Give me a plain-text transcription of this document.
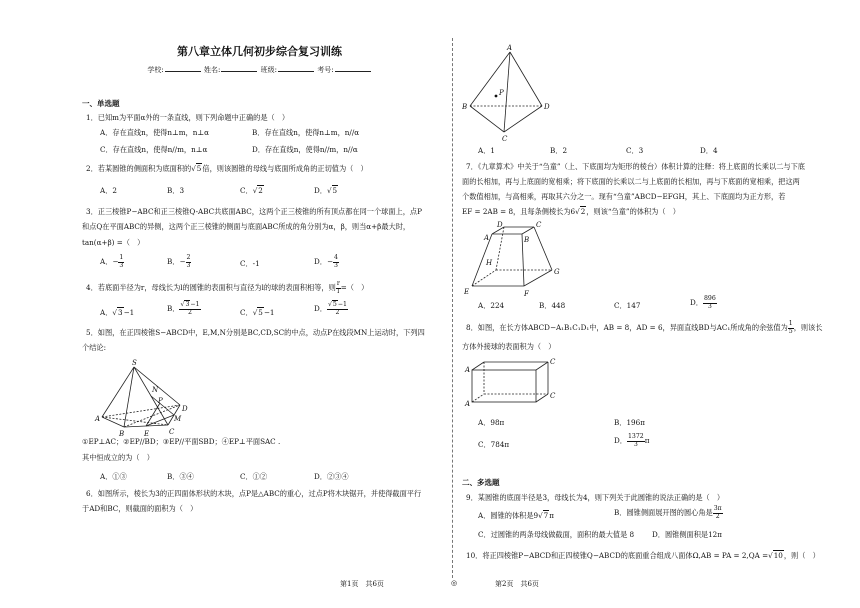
第八章立体几何初步综合复习训练
学校:	姓名:	班级:	考号:
一、单选题
1．已知m为平面α外的一条直线，则下列命题中正确的是（　）
A．存在直线n，使得n⊥m，n⊥α	B．存在直线n，使得n⊥m，n//α
C．存在直线n，使得n//m，n⊥α	D．存在直线n，使得n//m，n//α
2．若某圆锥的侧面积为底面积的√5倍，则该圆锥的母线与底面所成角的正切值为（　）
A．2	B．3	C．√2	D．√5
3．正三棱锥P−ABC和正三棱锥Q-ABC共底面ABC，这两个正三棱锥的所有顶点都在同一个球面上，点P
和点Q在平面ABC的异侧，这两个正三棱锥的侧面与底面ABC所成的角分别为α，β，则当α+β最大时，
tan(α+β) =（　）
A．− $\frac{1}{3}$	B．− $\frac{2}{3}$	C．-1	D．− $\frac{4}{3}$
4．若底面半径为r，母线长为l的圆锥的表面积与直径为l的球的表面积相等，则 $\frac{r}{l}$ =（　）
A．√3−1	B． $\frac{√3-1}{2}$	C．√5−1	D． $\frac{√5-1}{2}$
5．如图，在正四棱锥S−ABCD中，E,M,N分别是BC,CD,SC的中点，动点P在线段MN上运动时，下列四
个结论:
S
A
B	E	C
D
N
P
M
①EP⊥AC；②EP//BD；③EP//平面SBD；④EP⊥平面SAC .
其中恒成立的为（　）
A．①③	B．③④	C．①②	D．②③④
6．如图所示，棱长为3的正四面体形状的木块，点P是△ABC的重心，过点P将木块锯开，并使得截面平行
于AD和BC，则截面的面积为（　）
A
B
C
D
P
A．1	B．2	C．3	D．4
7．《九章算术》中关于“刍童”（上、下底面均为矩形的棱台）体积计算的注释：将上底面的长乘以二与下底
面的长相加，再与上底面的宽相乘；将下底面的长乘以二与上底面的长相加，再与下底面的宽相乘，把这两
个数值相加，与高相乘，再取其六分之一。现有“刍童”ABCD−EFGH，其上、下底面均为正方形，若
EF = 2AB = 8，且每条侧棱长为6√2，则该“刍童”的体积为（　）
A	B
C
D
E	F
G
H
A．224	B．448	C．147	D． $\frac{896}{3}$
8．如图，在长方体ABCD−A₁B₁C₁D₁中，AB = 8，AD = 6，异面直线BD与AC₁所成角的余弦值为 $\frac{1}{5}$ ，则该长
方体外接球的表面积为（　）
A
A
C
C
A．98π	B．196π
C．784π	D． $\frac{1372}{3}$ π
二、多选题
9．某圆锥的底面半径是3，母线长为4，则下列关于此圆锥的说法正确的是（　）
A．圆锥的体积是9√7π	B．圆锥侧面展开图的圆心角是 $\frac{3\pi}{2}$
C．过圆锥的两条母线做截面，面积的最大值是 8 D．圆锥侧面积是12π
10．将正四棱锥P−ABCD和正四棱锥Q−ABCD的底面重合组成八面体Ω,AB = PA = 2,QA =√10，则（　）
第1页　共6页	◎	第2页　共6页
